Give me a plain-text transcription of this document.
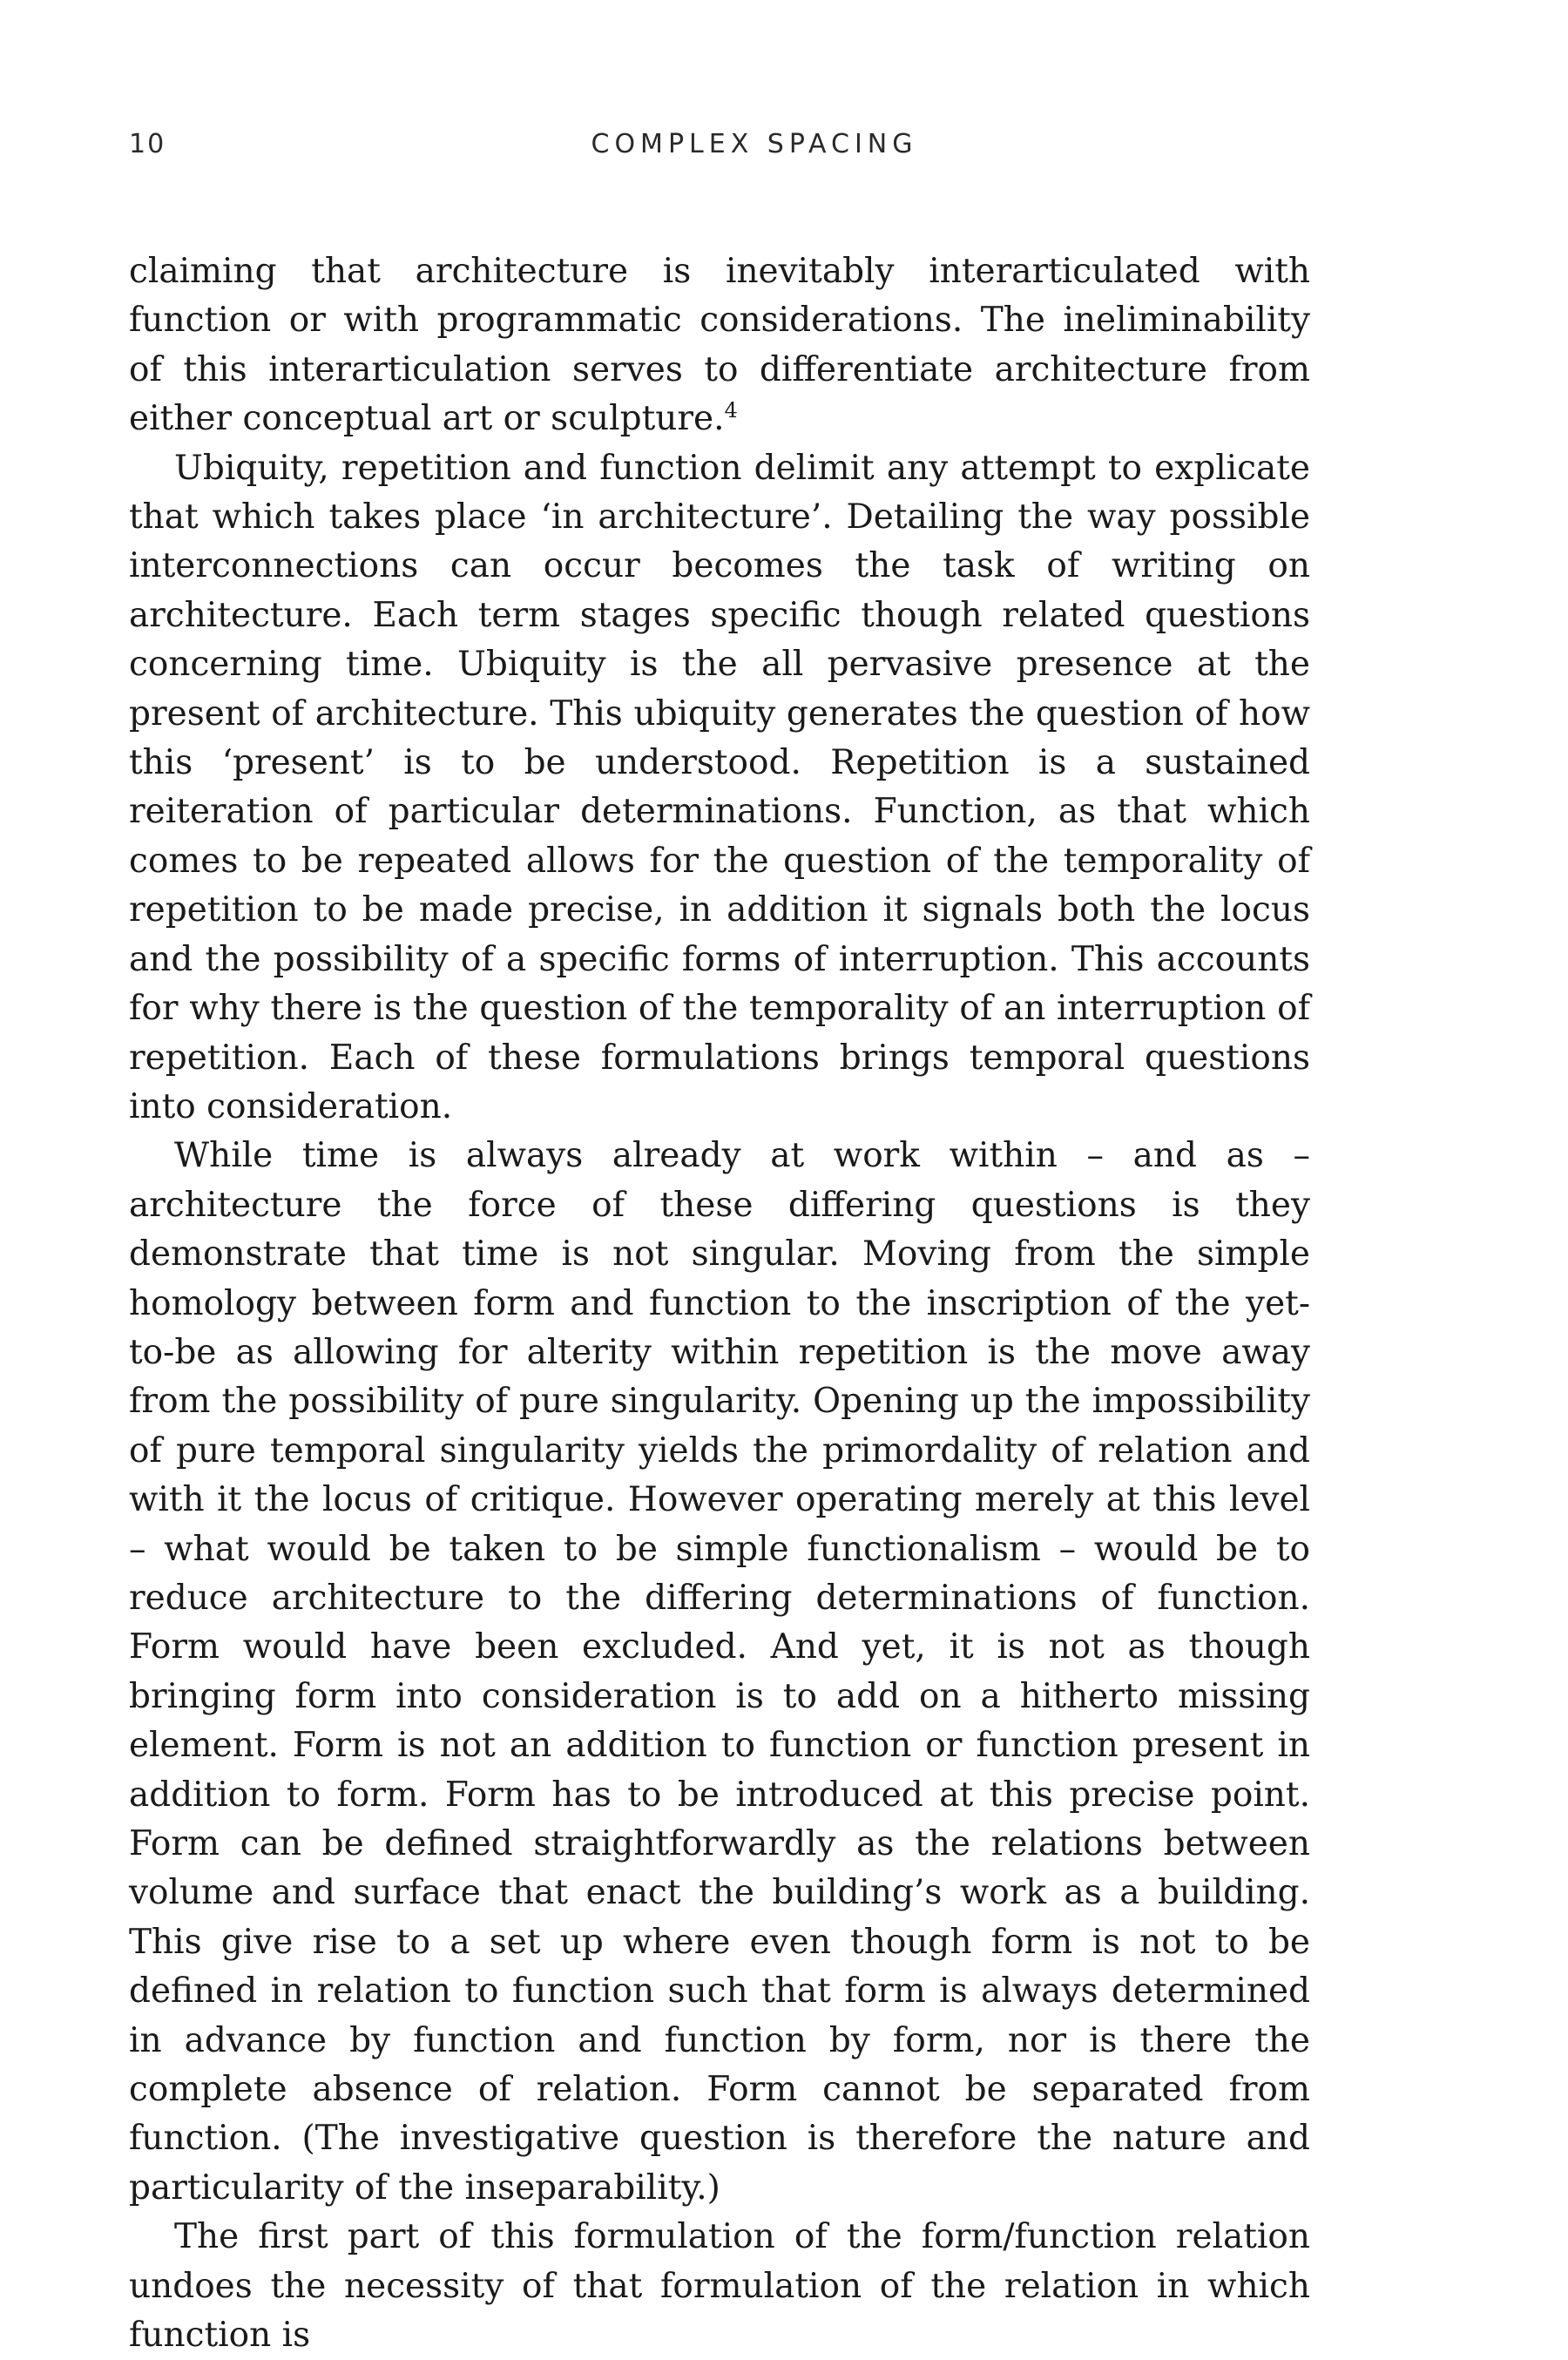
10	COMPLEX SPACING

claiming that architecture is inevitably interarticulated with function or with programmatic considerations. The ineliminability of this interarticulation serves to differentiate architecture from either conceptual art or sculpture.$^4$

Ubiquity, repetition and function delimit any attempt to explicate that which takes place ‘in architecture’. Detailing the way possible interconnections can occur becomes the task of writing on architecture. Each term stages specific though related questions concerning time. Ubiquity is the all pervasive presence at the present of architecture. This ubiquity generates the question of how this ‘present’ is to be understood. Repetition is a sustained reiteration of particular determinations. Function, as that which comes to be repeated allows for the question of the temporality of repetition to be made precise, in addition it signals both the locus and the possibility of a specific forms of interruption. This accounts for why there is the question of the temporality of an interruption of repetition. Each of these formulations brings temporal questions into consideration.

While time is always already at work within – and as – architecture the force of these differing questions is they demonstrate that time is not singular. Moving from the simple homology between form and function to the inscription of the yet-to-be as allowing for alterity within repetition is the move away from the possibility of pure singularity. Opening up the impossibility of pure temporal singularity yields the primordality of relation and with it the locus of critique. However operating merely at this level – what would be taken to be simple functionalism – would be to reduce architecture to the differing determinations of function. Form would have been excluded. And yet, it is not as though bringing form into consideration is to add on a hitherto missing element. Form is not an addition to function or function present in addition to form. Form has to be introduced at this precise point. Form can be defined straightforwardly as the relations between volume and surface that enact the building’s work as a building. This give rise to a set up where even though form is not to be defined in relation to function such that form is always determined in advance by function and function by form, nor is there the complete absence of relation. Form cannot be separated from function. (The investigative question is therefore the nature and particularity of the inseparability.)

The first part of this formulation of the form/function relation undoes the necessity of that formulation of the relation in which function is
